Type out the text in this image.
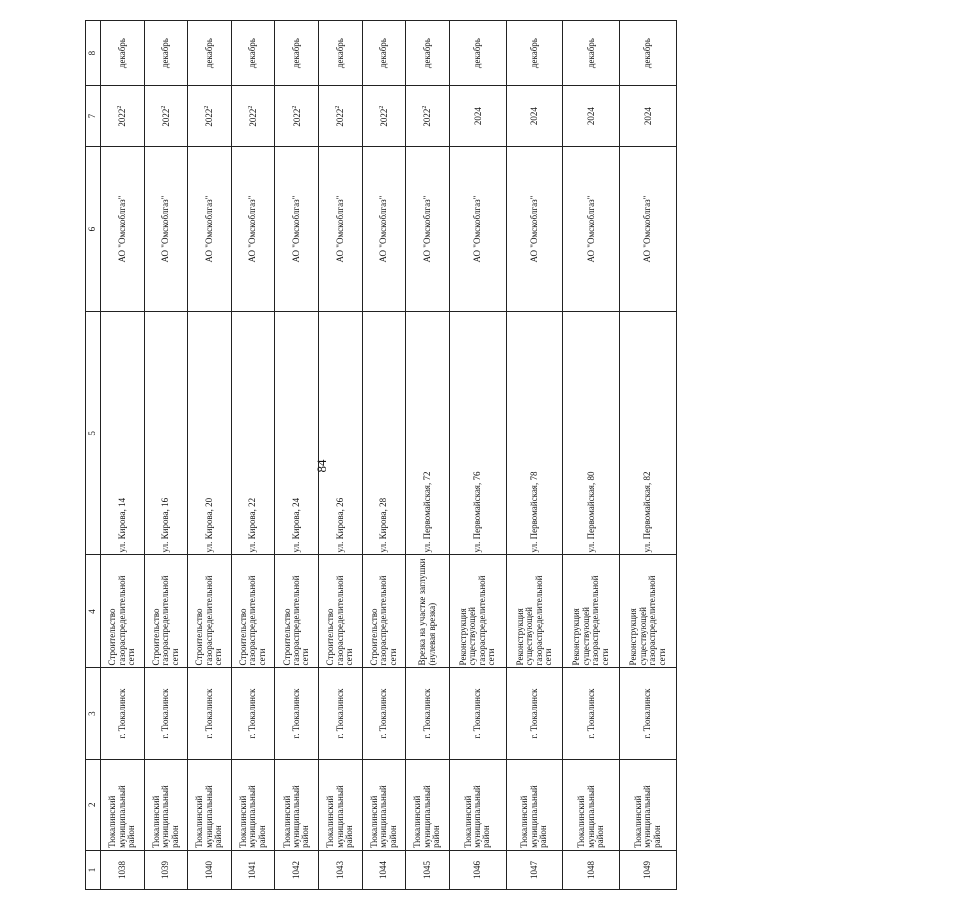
84
1	2	3	4	5	6	7	8
1038	Тюкалинский муниципальный район	г. Тюкалинск	Строительство газораспределительной сети	ул. Кирова, 14	АО "Омскоблгаз"	2022$^2$	декабрь
1039	Тюкалинский муниципальный район	г. Тюкалинск	Строительство газораспределительной сети	ул. Кирова, 16	АО "Омскоблгаз"	2022$^2$	декабрь
1040	Тюкалинский муниципальный район	г. Тюкалинск	Строительство газораспределительной сети	ул. Кирова, 20	АО "Омскоблгаз"	2022$^2$	декабрь
1041	Тюкалинский муниципальный район	г. Тюкалинск	Строительство газораспределительной сети	ул. Кирова, 22	АО "Омскоблгаз"	2022$^2$	декабрь
1042	Тюкалинский муниципальный район	г. Тюкалинск	Строительство газораспределительной сети	ул. Кирова, 24	АО "Омскоблгаз"	2022$^2$	декабрь
1043	Тюкалинский муниципальный район	г. Тюкалинск	Строительство газораспределительной сети	ул. Кирова, 26	АО "Омскоблгаз"	2022$^2$	декабрь
1044	Тюкалинский муниципальный район	г. Тюкалинск	Строительство газораспределительной сети	ул. Кирова, 28	АО "Омскоблгаз"	2022$^2$	декабрь
1045	Тюкалинский муниципальный район	г. Тюкалинск	Врезка на участке заглушки (нулевая врезка)	ул. Первомайская, 72	АО "Омскоблгаз"	2022$^2$	декабрь
1046	Тюкалинский муниципальный район	г. Тюкалинск	Реконструкция существующей газораспределительной сети	ул. Первомайская, 76	АО "Омскоблгаз"	2024	декабрь
1047	Тюкалинский муниципальный район	г. Тюкалинск	Реконструкция существующей газораспределительной сети	ул. Первомайская, 78	АО "Омскоблгаз"	2024	декабрь
1048	Тюкалинский муниципальный район	г. Тюкалинск	Реконструкция существующей газораспределительной сети	ул. Первомайская, 80	АО "Омскоблгаз"	2024	декабрь
1049	Тюкалинский муниципальный район	г. Тюкалинск	Реконструкция существующей газораспределительной сети	ул. Первомайская, 82	АО "Омскоблгаз"	2024	декабрь
